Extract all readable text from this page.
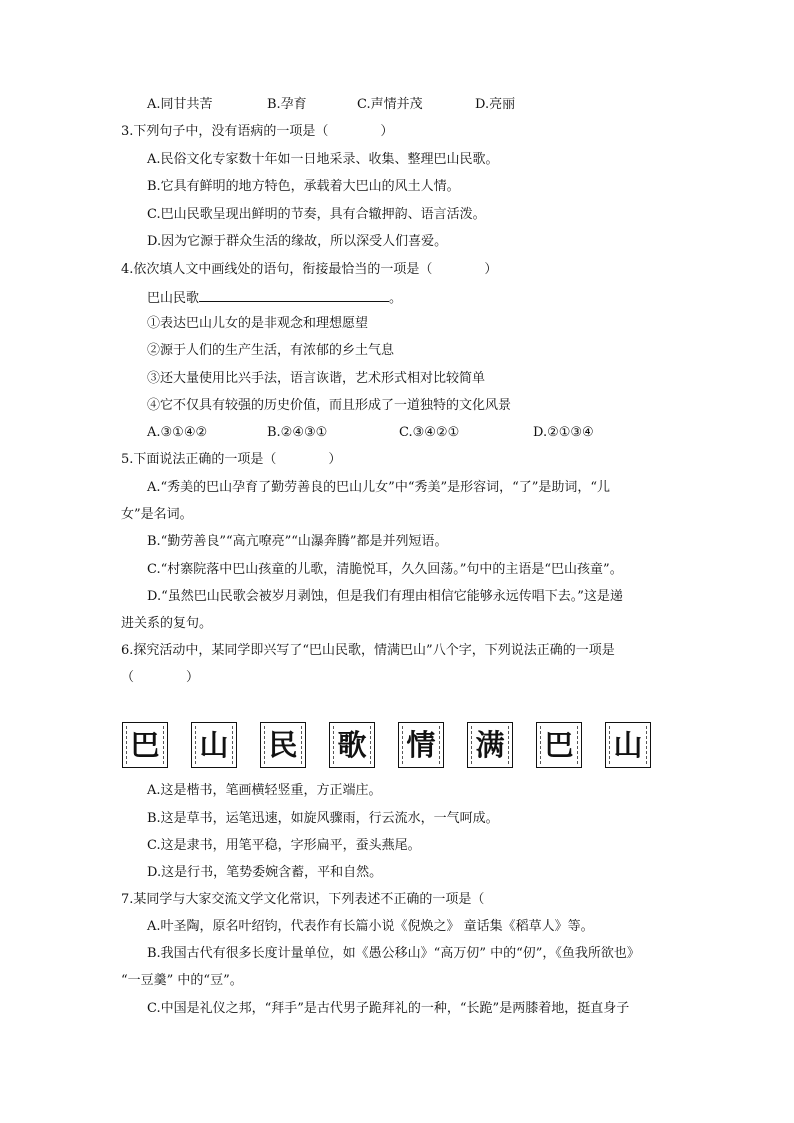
A.同甘共苦	B.孕育	C.声情并茂	D.亮丽
3.下列句子中，没有语病的一项是（　　　　）
A.民俗文化专家数十年如一日地采录、收集、整理巴山民歌。
B.它具有鲜明的地方特色，承载着大巴山的风土人情。
C.巴山民歌呈现出鲜明的节奏，具有合辙押韵、语言活泼。
D.因为它源于群众生活的缘故，所以深受人们喜爱。
4.依次填人文中画线处的语句，衔接最恰当的一项是（　　　　）
巴山民歌	。
①表达巴山儿女的是非观念和理想愿望
②源于人们的生产生活，有浓郁的乡土气息
③还大量使用比兴手法，语言诙谐，艺术形式相对比较简单
④它不仅具有较强的历史价值，而且形成了一道独特的文化风景
A.③①④②	B.②④③①	C.③④②①	D.②①③④
5.下面说法正确的一项是（　　　　）
A.“秀美的巴山孕育了勤劳善良的巴山儿女”中“秀美”是形容词，“了”是助词，“儿
女”是名词。
B.“勤劳善良”“高亢嘹亮”“山瀑奔腾”都是并列短语。
C.“村寨院落中巴山孩童的儿歌，清脆悦耳，久久回荡。”句中的主语是“巴山孩童”。
D.“虽然巴山民歌会被岁月剥蚀，但是我们有理由相信它能够永远传唱下去。”这是递
进关系的复句。
6.探究活动中，某同学即兴写了“巴山民歌，情满巴山”八个字，下列说法正确的一项是
（　　　　）
巴 山 民 歌 情 满 巴 山
A.这是楷书，笔画横轻竖重，方正端庄。
B.这是草书，运笔迅速，如旋风骤雨，行云流水，一气呵成。
C.这是隶书，用笔平稳，字形扁平，蚕头燕尾。
D.这是行书，笔势委婉含蓄，平和自然。
7.某同学与大家交流文学文化常识，下列表述不正确的一项是（
A.叶圣陶，原名叶绍钧，代表作有长篇小说《倪焕之》 童话集《稻草人》等。
B.我国古代有很多长度计量单位，如《愚公移山》“高万仞” 中的“仞”，《鱼我所欲也》
“一豆羹” 中的“豆”。
C.中国是礼仪之邦，“拜手”是古代男子跪拜礼的一种，“长跪”是两膝着地，挺直身子
